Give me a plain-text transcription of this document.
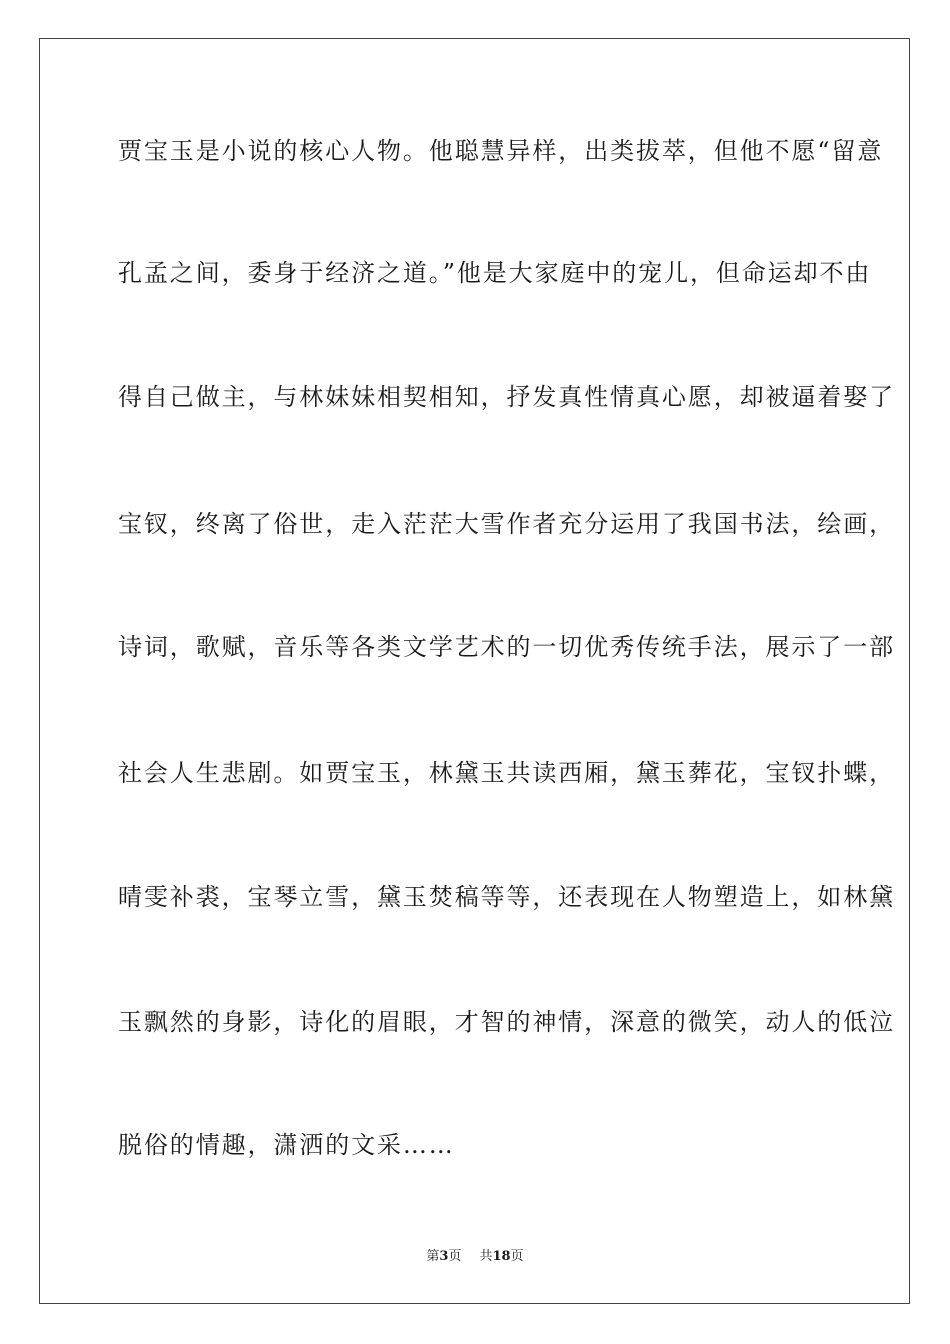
贾宝玉是小说的核心人物。他聪慧异样，出类拔萃，但他不愿“留意
孔孟之间，委身于经济之道。”他是大家庭中的宠儿，但命运却不由
得自己做主，与林妹妹相契相知，抒发真性情真心愿，却被逼着娶了
宝钗，终离了俗世，走入茫茫大雪作者充分运用了我国书法，绘画，
诗词，歌赋，音乐等各类文学艺术的一切优秀传统手法，展示了一部
社会人生悲剧。如贾宝玉，林黛玉共读西厢，黛玉葬花，宝钗扑蝶，
晴雯补裘，宝琴立雪，黛玉焚稿等等，还表现在人物塑造上，如林黛
玉飘然的身影，诗化的眉眼，才智的神情，深意的微笑，动人的低泣
脱俗的情趣，潇洒的文采……
第3页 共18页
